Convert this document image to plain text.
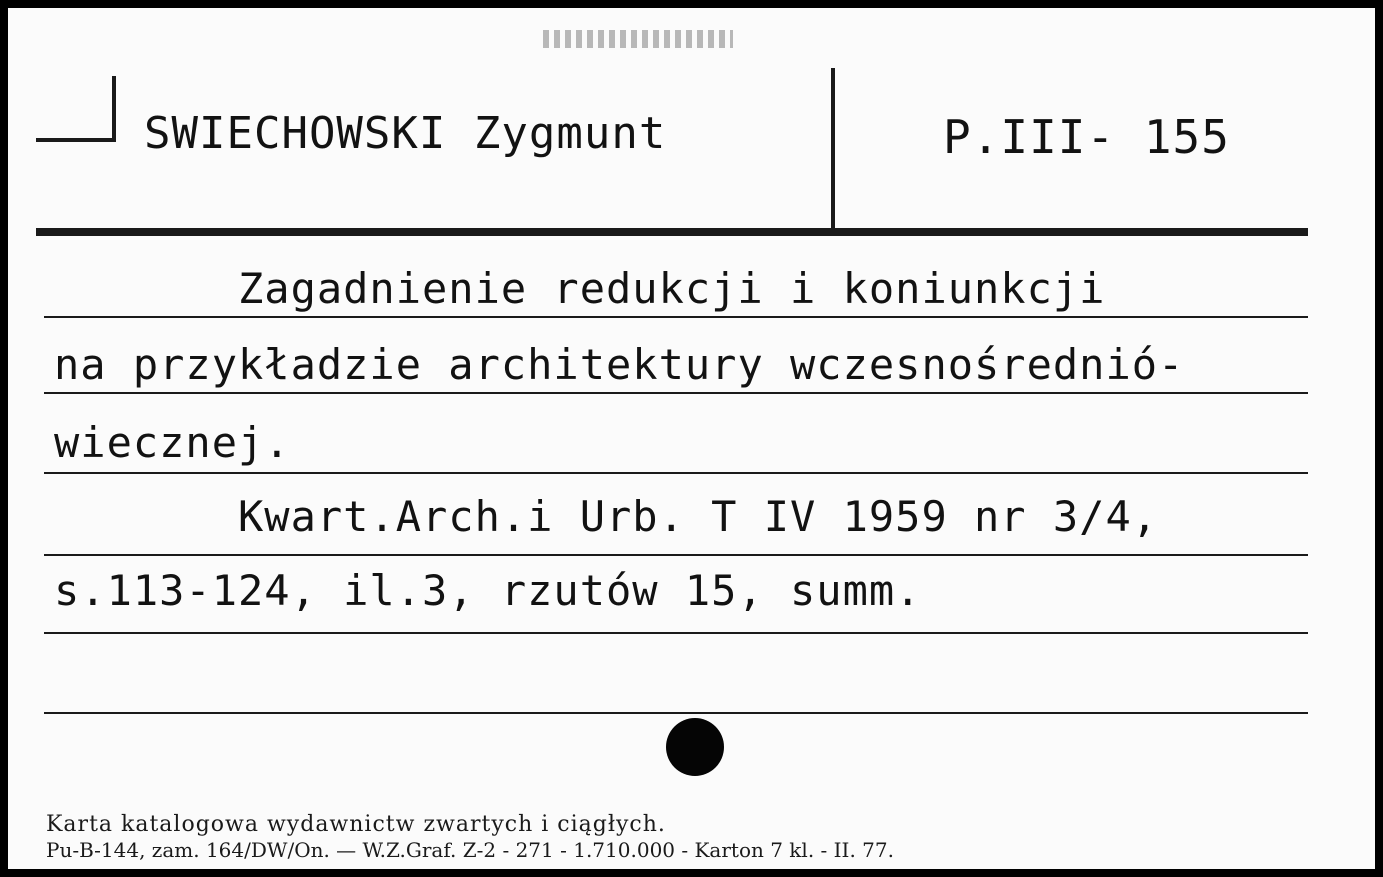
SWIECHOWSKI Zygmunt	P.III- 155
Zagadnienie redukcji i koniunkcji
na przykładzie architektury wczesnośrednió-
wiecznej.
Kwart.Arch.i Urb. T IV 1959 nr 3/4,
s.113-124, il.3, rzutów 15, summ.
Karta katalogowa wydawnictw zwartych i ciągłych.
Pu-B-144, zam. 164/DW/On. — W.Z.Graf. Z-2 - 271 - 1.710.000 - Karton 7 kl. - II. 77.
